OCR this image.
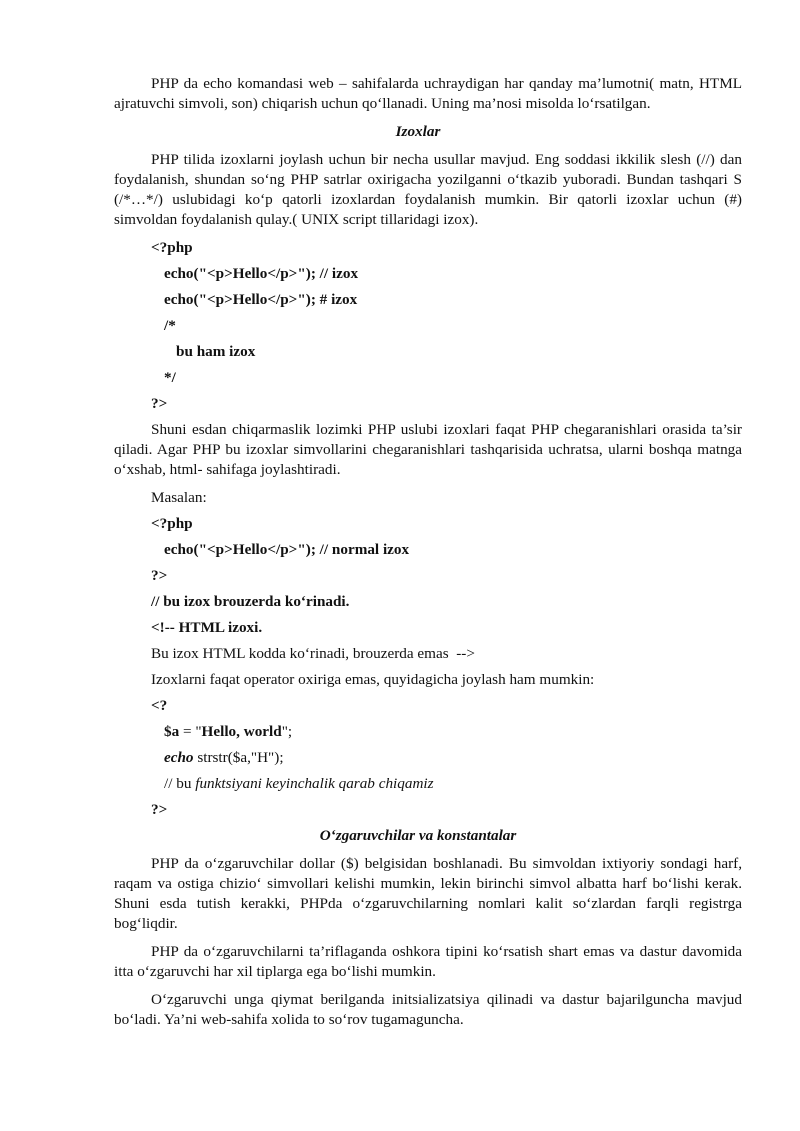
PHP da echo komandasi web – sahifalarda uchraydigan har qanday ma’lumotni( matn, HTML ajratuvchi simvoli, son) chiqarish uchun qo‘llanadi. Uning ma’nosi misolda lo‘rsatilgan.

Izoxlar

PHP tilida izoxlarni joylash uchun bir necha usullar mavjud. Eng soddasi ikkilik slesh (//) dan foydalanish, shundan so‘ng PHP satrlar oxirigacha yozilganni o‘tkazib yuboradi. Bundan tashqari S (/*…*/) uslubidagi ko‘p qatorli izoxlardan foydalanish mumkin. Bir qatorli izoxlar uchun (#) simvoldan foydalanish qulay.( UNIX script tillaridagi izox).

<?php
echo("<p>Hello</p>"); // izox
echo("<p>Hello</p>"); # izox
/*
bu ham izox
*/
?>

Shuni esdan chiqarmaslik lozimki PHP uslubi izoxlari faqat PHP chegaranishlari orasida ta’sir qiladi. Agar PHP bu izoxlar simvollarini chegaranishlari tashqarisida uchratsa, ularni boshqa matnga o‘xshab, html- sahifaga joylashtiradi.

Masalan:
<?php
echo("<p>Hello</p>"); // normal izox
?>
// bu izox brouzerda ko‘rinadi.
<!-- HTML izoxi.
Bu izox HTML kodda ko‘rinadi, brouzerda emas  -->
Izoxlarni faqat operator oxiriga emas, quyidagicha joylash ham mumkin:
<?
$a = "Hello, world";
echo strstr($a,"H");
// bu funktsiyani keyinchalik qarab chiqamiz
?>
O‘zgaruvchilar va konstantalar

PHP da o‘zgaruvchilar dollar ($) belgisidan boshlanadi. Bu simvoldan ixtiyoriy sondagi harf, raqam va ostiga chizio‘ simvollari kelishi mumkin, lekin birinchi simvol albatta harf bo‘lishi kerak. Shuni esda tutish kerakki, PHPda o‘zgaruvchilarning nomlari kalit so‘zlardan farqli registrga bog‘liqdir.

PHP da o‘zgaruvchilarni ta’riflaganda oshkora tipini ko‘rsatish shart emas va dastur davomida itta o‘zgaruvchi har xil tiplarga ega bo‘lishi mumkin.

O‘zgaruvchi unga qiymat berilganda initsializatsiya qilinadi va dastur bajarilguncha mavjud bo‘ladi. Ya’ni web-sahifa xolida to so‘rov tugamaguncha.
